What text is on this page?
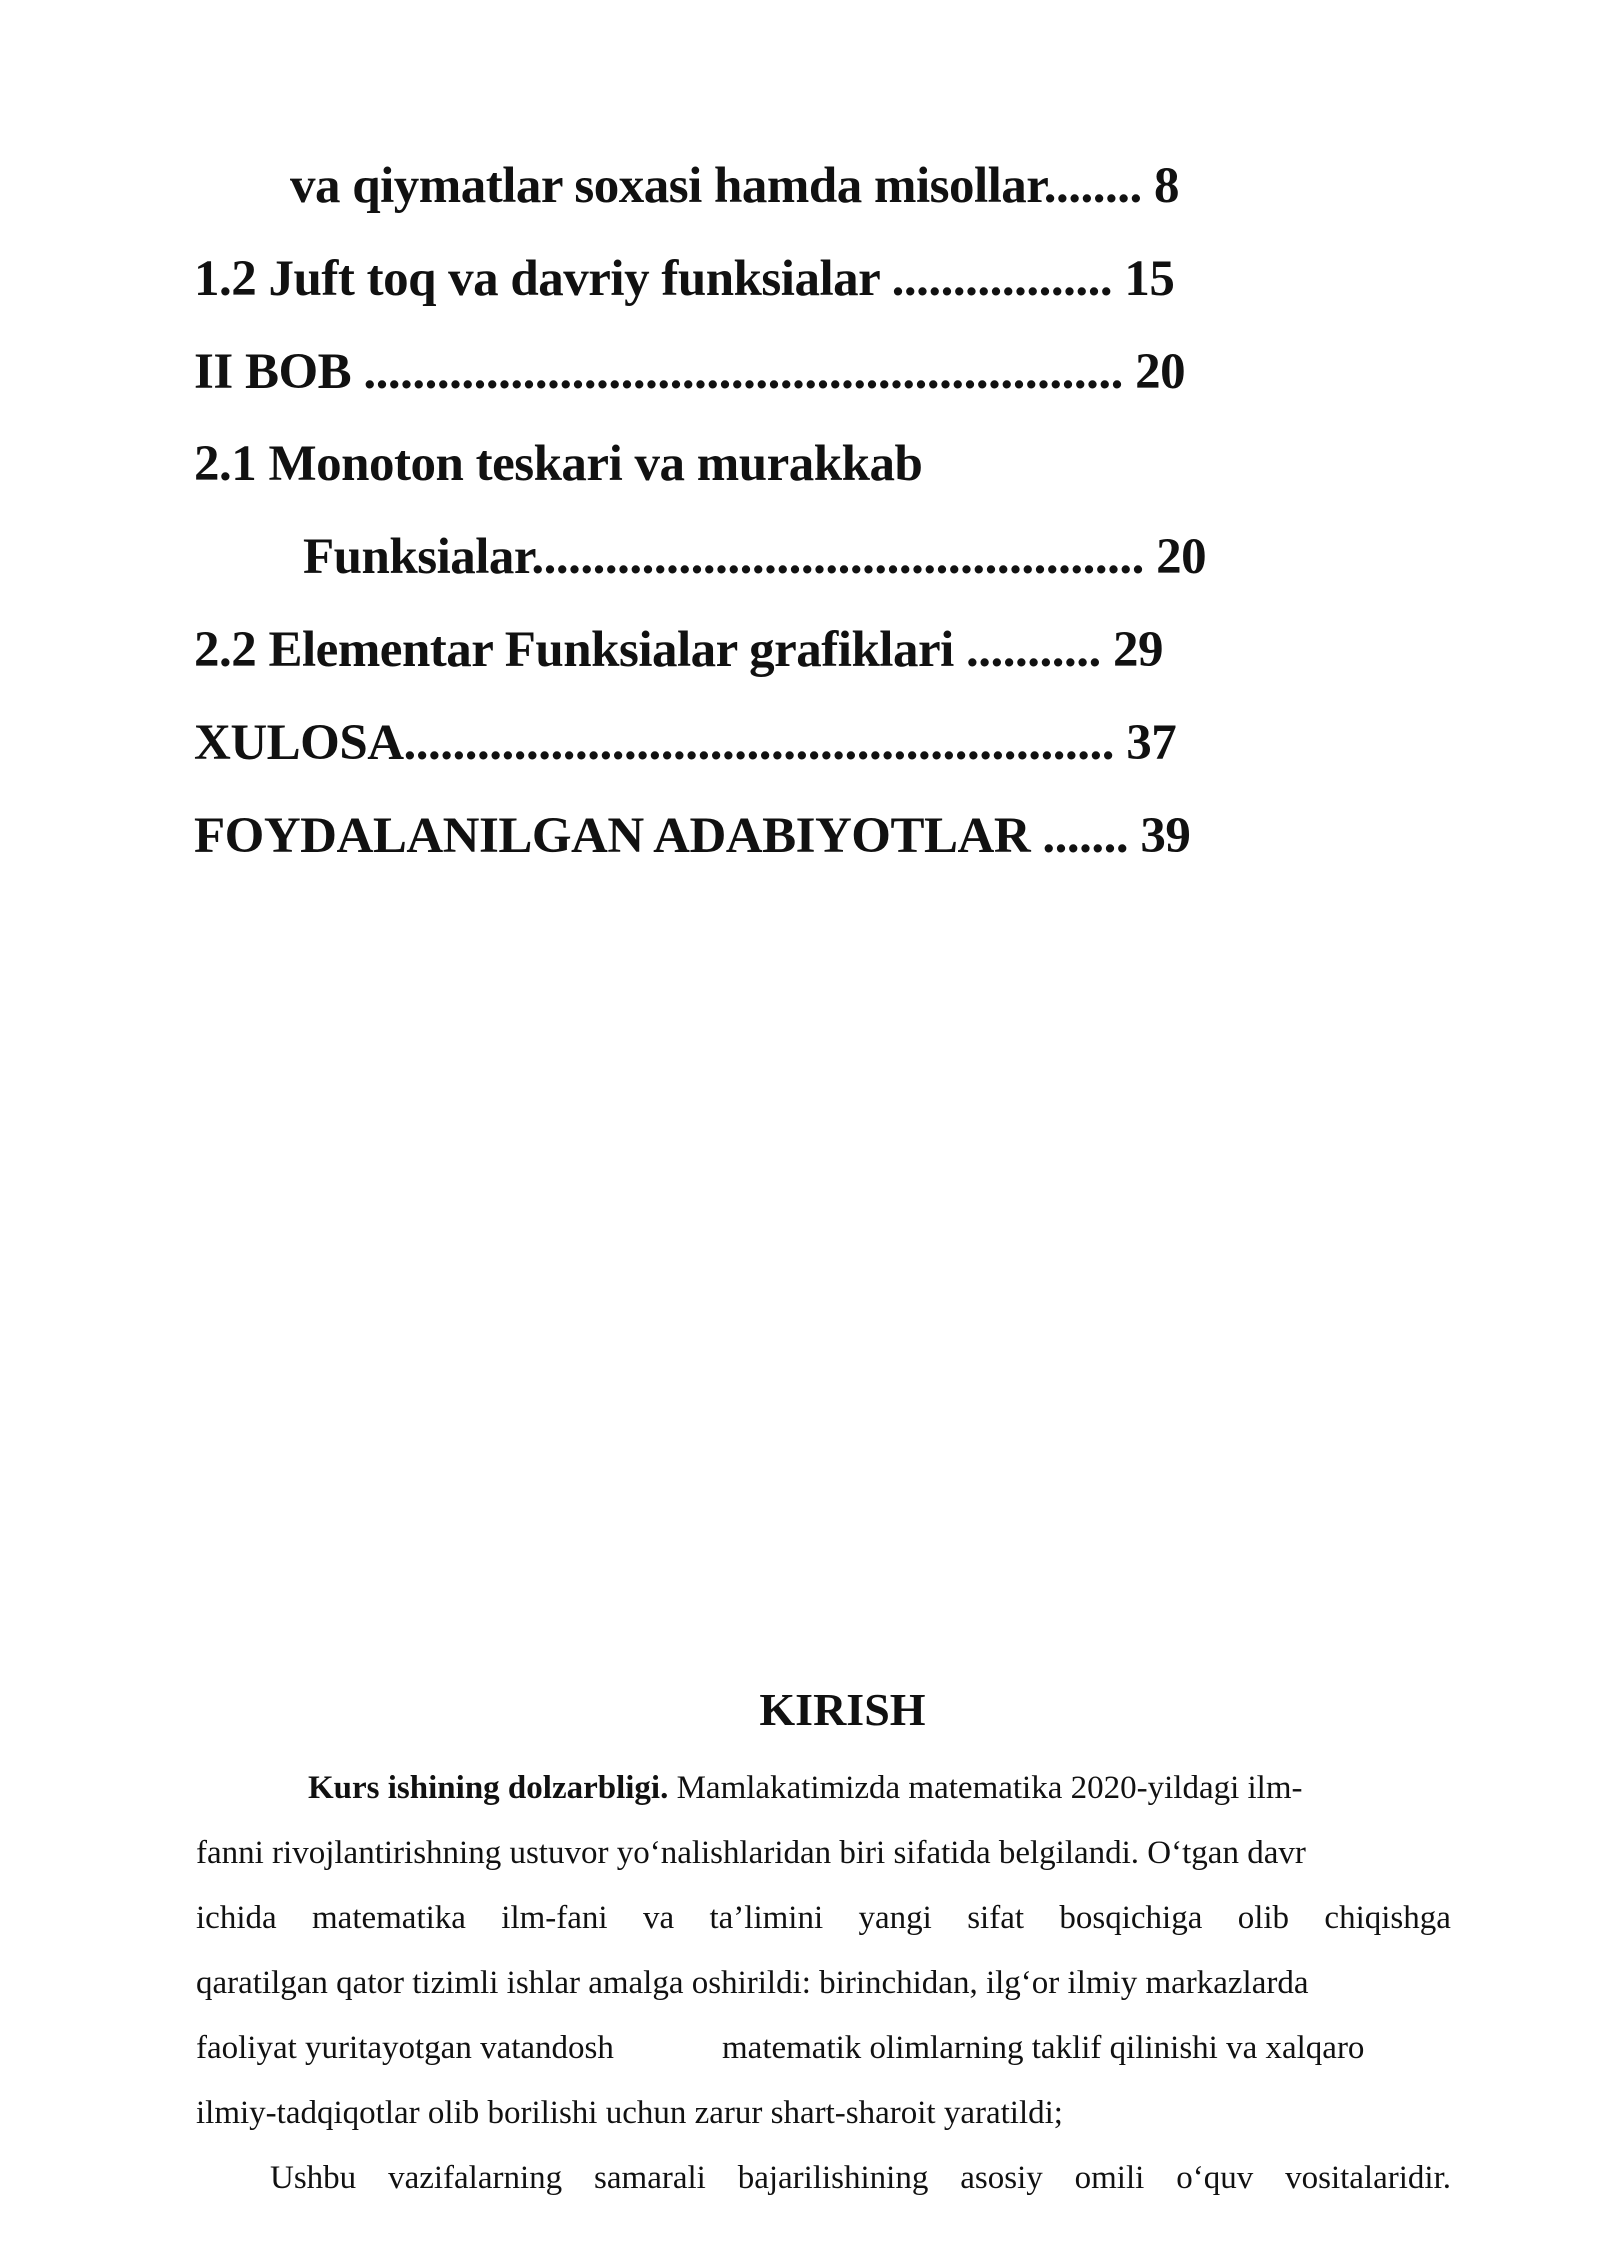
va qiymatlar soxasi hamda misollar........ 8
1.2 Juft toq va davriy funksialar .................. 15
II BOB .............................................................. 20
2.1 Monoton teskari va murakkab
Funksialar.................................................. 20
2.2 Elementar Funksialar grafiklari ........... 29
XULOSA.......................................................... 37
FOYDALANILGAN ADABIYOTLAR ....... 39
KIRISH
Kurs ishining dolzarbligi. Mamlakatimizda matematika 2020-yildagi ilm-
fanni rivojlantirishning ustuvor yo‘nalishlaridan biri sifatida belgilandi. O‘tgan davr
ichida matematika ilm-fani va ta’limini yangi sifat bosqichiga olib chiqishga
qaratilgan qator tizimli ishlar amalga oshirildi: birinchidan, ilg‘or ilmiy markazlarda
faoliyat yuritayotgan vatandosh	matematik olimlarning taklif qilinishi va xalqaro
ilmiy-tadqiqotlar olib borilishi uchun zarur shart-sharoit yaratildi;
Ushbu vazifalarning samarali bajarilishining asosiy omili o‘quv vositalaridir.
